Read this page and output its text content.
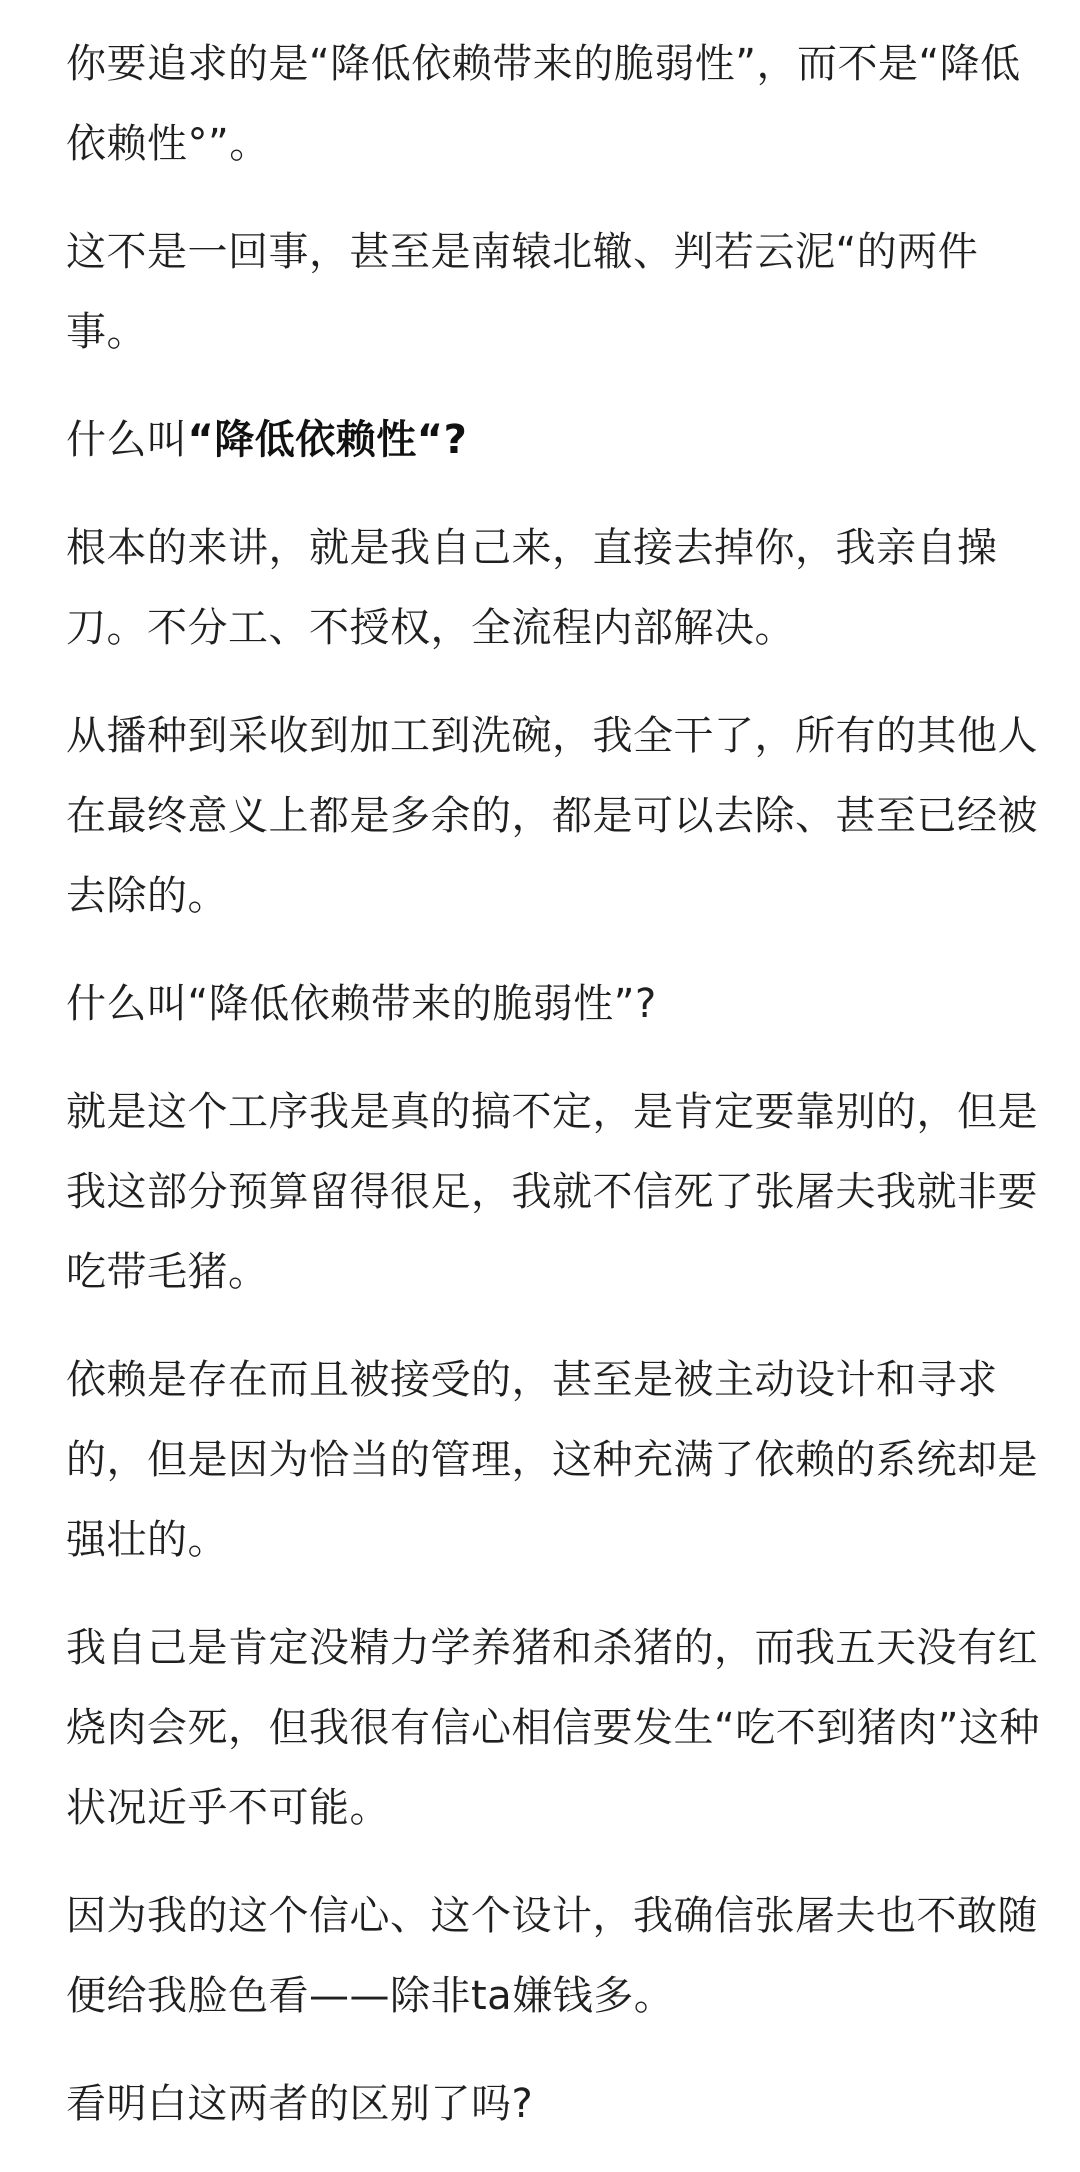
你要追求的是“降低依赖带来的脆弱性”，而不是“降低依赖性°”。

这不是一回事，甚至是南辕北辙、判若云泥“的两件事。

什么叫“降低依赖性“?

根本的来讲，就是我自己来，直接去掉你，我亲自操刀。不分工、不授权，全流程内部解决。

从播种到采收到加工到洗碗，我全干了，所有的其他人在最终意义上都是多余的，都是可以去除、甚至已经被去除的。

什么叫“降低依赖带来的脆弱性”?

就是这个工序我是真的搞不定，是肯定要靠别的，但是我这部分预算留得很足，我就不信死了张屠夫我就非要吃带毛猪。

依赖是存在而且被接受的，甚至是被主动设计和寻求的，但是因为恰当的管理，这种充满了依赖的系统却是强壮的。

我自己是肯定没精力学养猪和杀猪的，而我五天没有红烧肉会死，但我很有信心相信要发生“吃不到猪肉”这种状况近乎不可能。

因为我的这个信心、这个设计，我确信张屠夫也不敢随便给我脸色看——除非ta嫌钱多。

看明白这两者的区别了吗?
